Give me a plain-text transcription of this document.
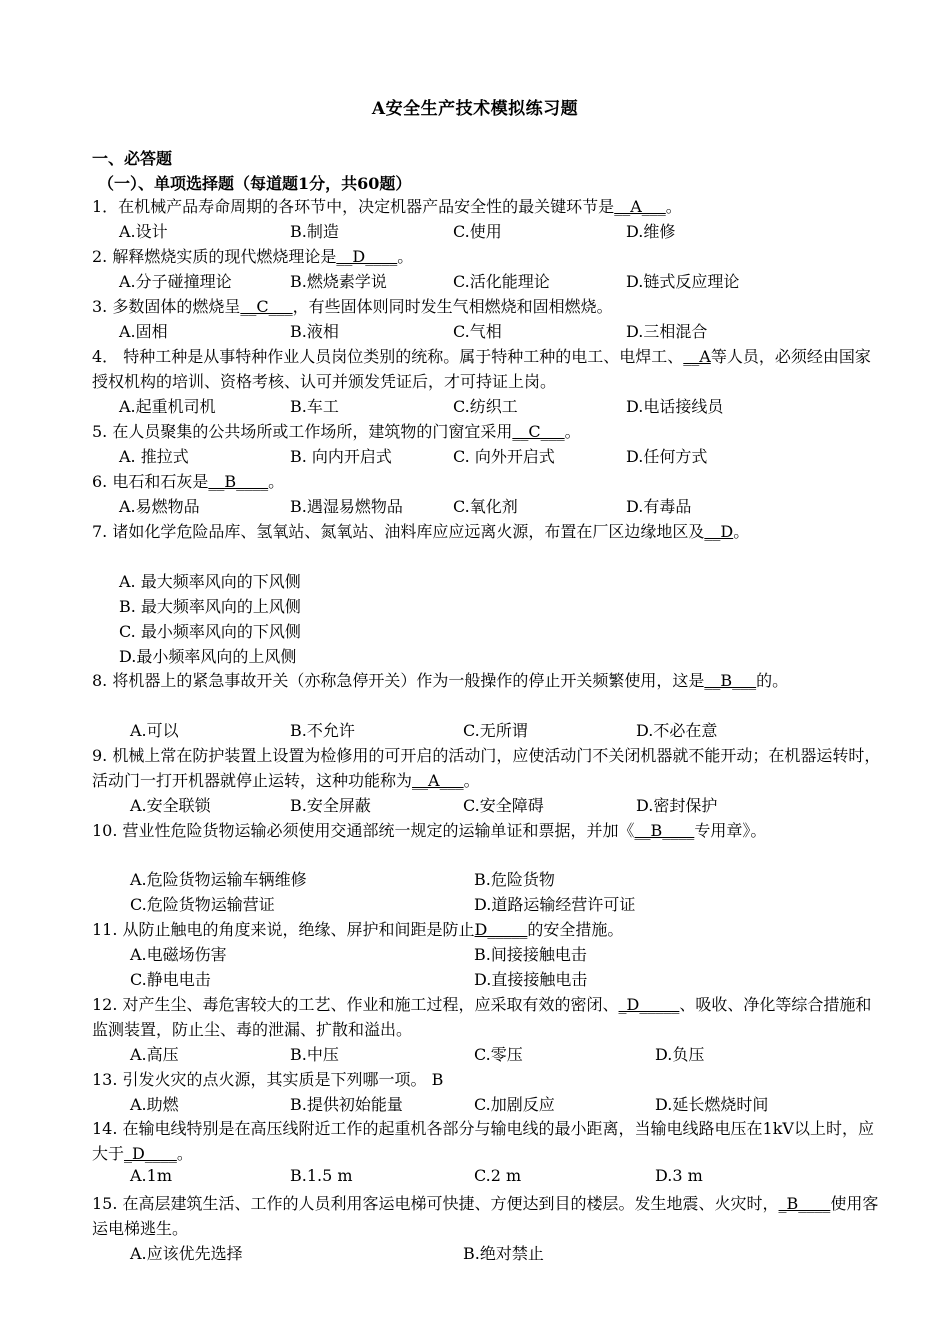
A安全生产技术模拟练习题
一、必答题
（一）、单项选择题（每道题1分，共60题）
1．在机械产品寿命周期的各环节中，决定机器产品安全性的最关键环节是__A___。
A.设计	B.制造	C.使用	D.维修
2. 解释燃烧实质的现代燃烧理论是__D____。
A.分子碰撞理论	B.燃烧素学说	C.活化能理论	D.链式反应理论
3. 多数固体的燃烧呈__C___，有些固体则同时发生气相燃烧和固相燃烧。
A.固相	B.液相	C.气相	D.三相混合
4． 特种工种是从事特种作业人员岗位类别的统称。属于特种工种的电工、电焊工、__A等人员，必须经由国家授权机构的培训、资格考核、认可并颁发凭证后，才可持证上岗。
A.起重机司机	B.车工	C.纺织工	D.电话接线员
5. 在人员聚集的公共场所或工作场所，建筑物的门窗宜采用__C___。
A. 推拉式	B. 向内开启式	C. 向外开启式	D.任何方式
6. 电石和石灰是__B____。
A.易燃物品	B.遇湿易燃物品	C.氧化剂	D.有毒品
7. 诸如化学危险品库、氢氧站、氮氧站、油料库应应远离火源，布置在厂区边缘地区及__D。
A. 最大频率风向的下风侧
B. 最大频率风向的上风侧
C. 最小频率风向的下风侧
D.最小频率风向的上风侧
8. 将机器上的紧急事故开关（亦称急停开关）作为一般操作的停止开关频繁使用，这是__B___的。
A.可以	B.不允许	C.无所谓	D.不必在意
9. 机械上常在防护装置上设置为检修用的可开启的活动门，应使活动门不关闭机器就不能开动；在机器运转时，活动门一打开机器就停止运转，这种功能称为__A___。
A.安全联锁	B.安全屏蔽	C.安全障碍	D.密封保护
10. 营业性危险货物运输必须使用交通部统一规定的运输单证和票据，并加《__B____专用章》。
A.危险货物运输车辆维修	B.危险货物
C.危险货物运输营证	D.道路运输经营许可证
11. 从防止触电的角度来说，绝缘、屏护和间距是防止D_____的安全措施。
A.电磁场伤害	B.间接接触电击
C.静电电击	D.直接接触电击
12. 对产生尘、毒危害较大的工艺、作业和施工过程，应采取有效的密闭、_D_____、吸收、净化等综合措施和监测装置，防止尘、毒的泄漏、扩散和溢出。
A.高压	B.中压	C.零压	D.负压
13. 引发火灾的点火源，其实质是下列哪一项。 B
A.助燃	B.提供初始能量	C.加剧反应	D.延长燃烧时间
14. 在输电线特别是在高压线附近工作的起重机各部分与输电线的最小距离，当输电线路电压在1kV以上时，应大于_D____。
A.1m	B.1.5 m	C.2 m	D.3 m
15. 在高层建筑生活、工作的人员利用客运电梯可快捷、方便达到目的楼层。发生地震、火灾时，_B____使用客运电梯逃生。
A.应该优先选择	B.绝对禁止
